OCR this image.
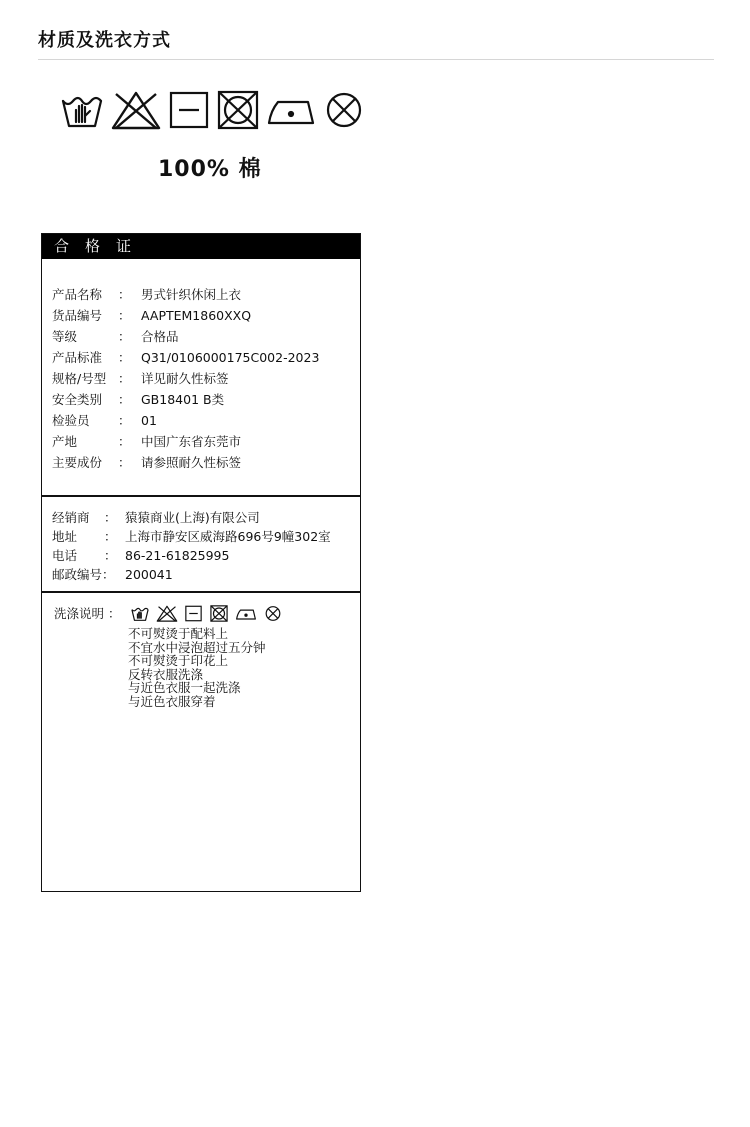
材质及洗衣方式
100% 棉
合格证
产品名称 ： 男式针织休闲上衣
货品编号 ： AAPTEM1860XXQ
等级	： 合格品
产品标准 ： Q31/0106000175C002-2023
规格/号型 ： 详见耐久性标签
安全类别 ： GB18401 B类
检验员 ： 01
产地	： 中国广东省东莞市
主要成份 ： 请参照耐久性标签
经销商 ： 猿猿商业(上海)有限公司
地址 ： 上海市静安区威海路696号9幢302室
电话 ： 86-21-61825995
邮政编号： 200041
洗涤说明 ：
不可熨烫于配料上
不宜水中浸泡超过五分钟
不可熨烫于印花上
反转衣服洗涤
与近色衣服一起洗涤
与近色衣服穿着
